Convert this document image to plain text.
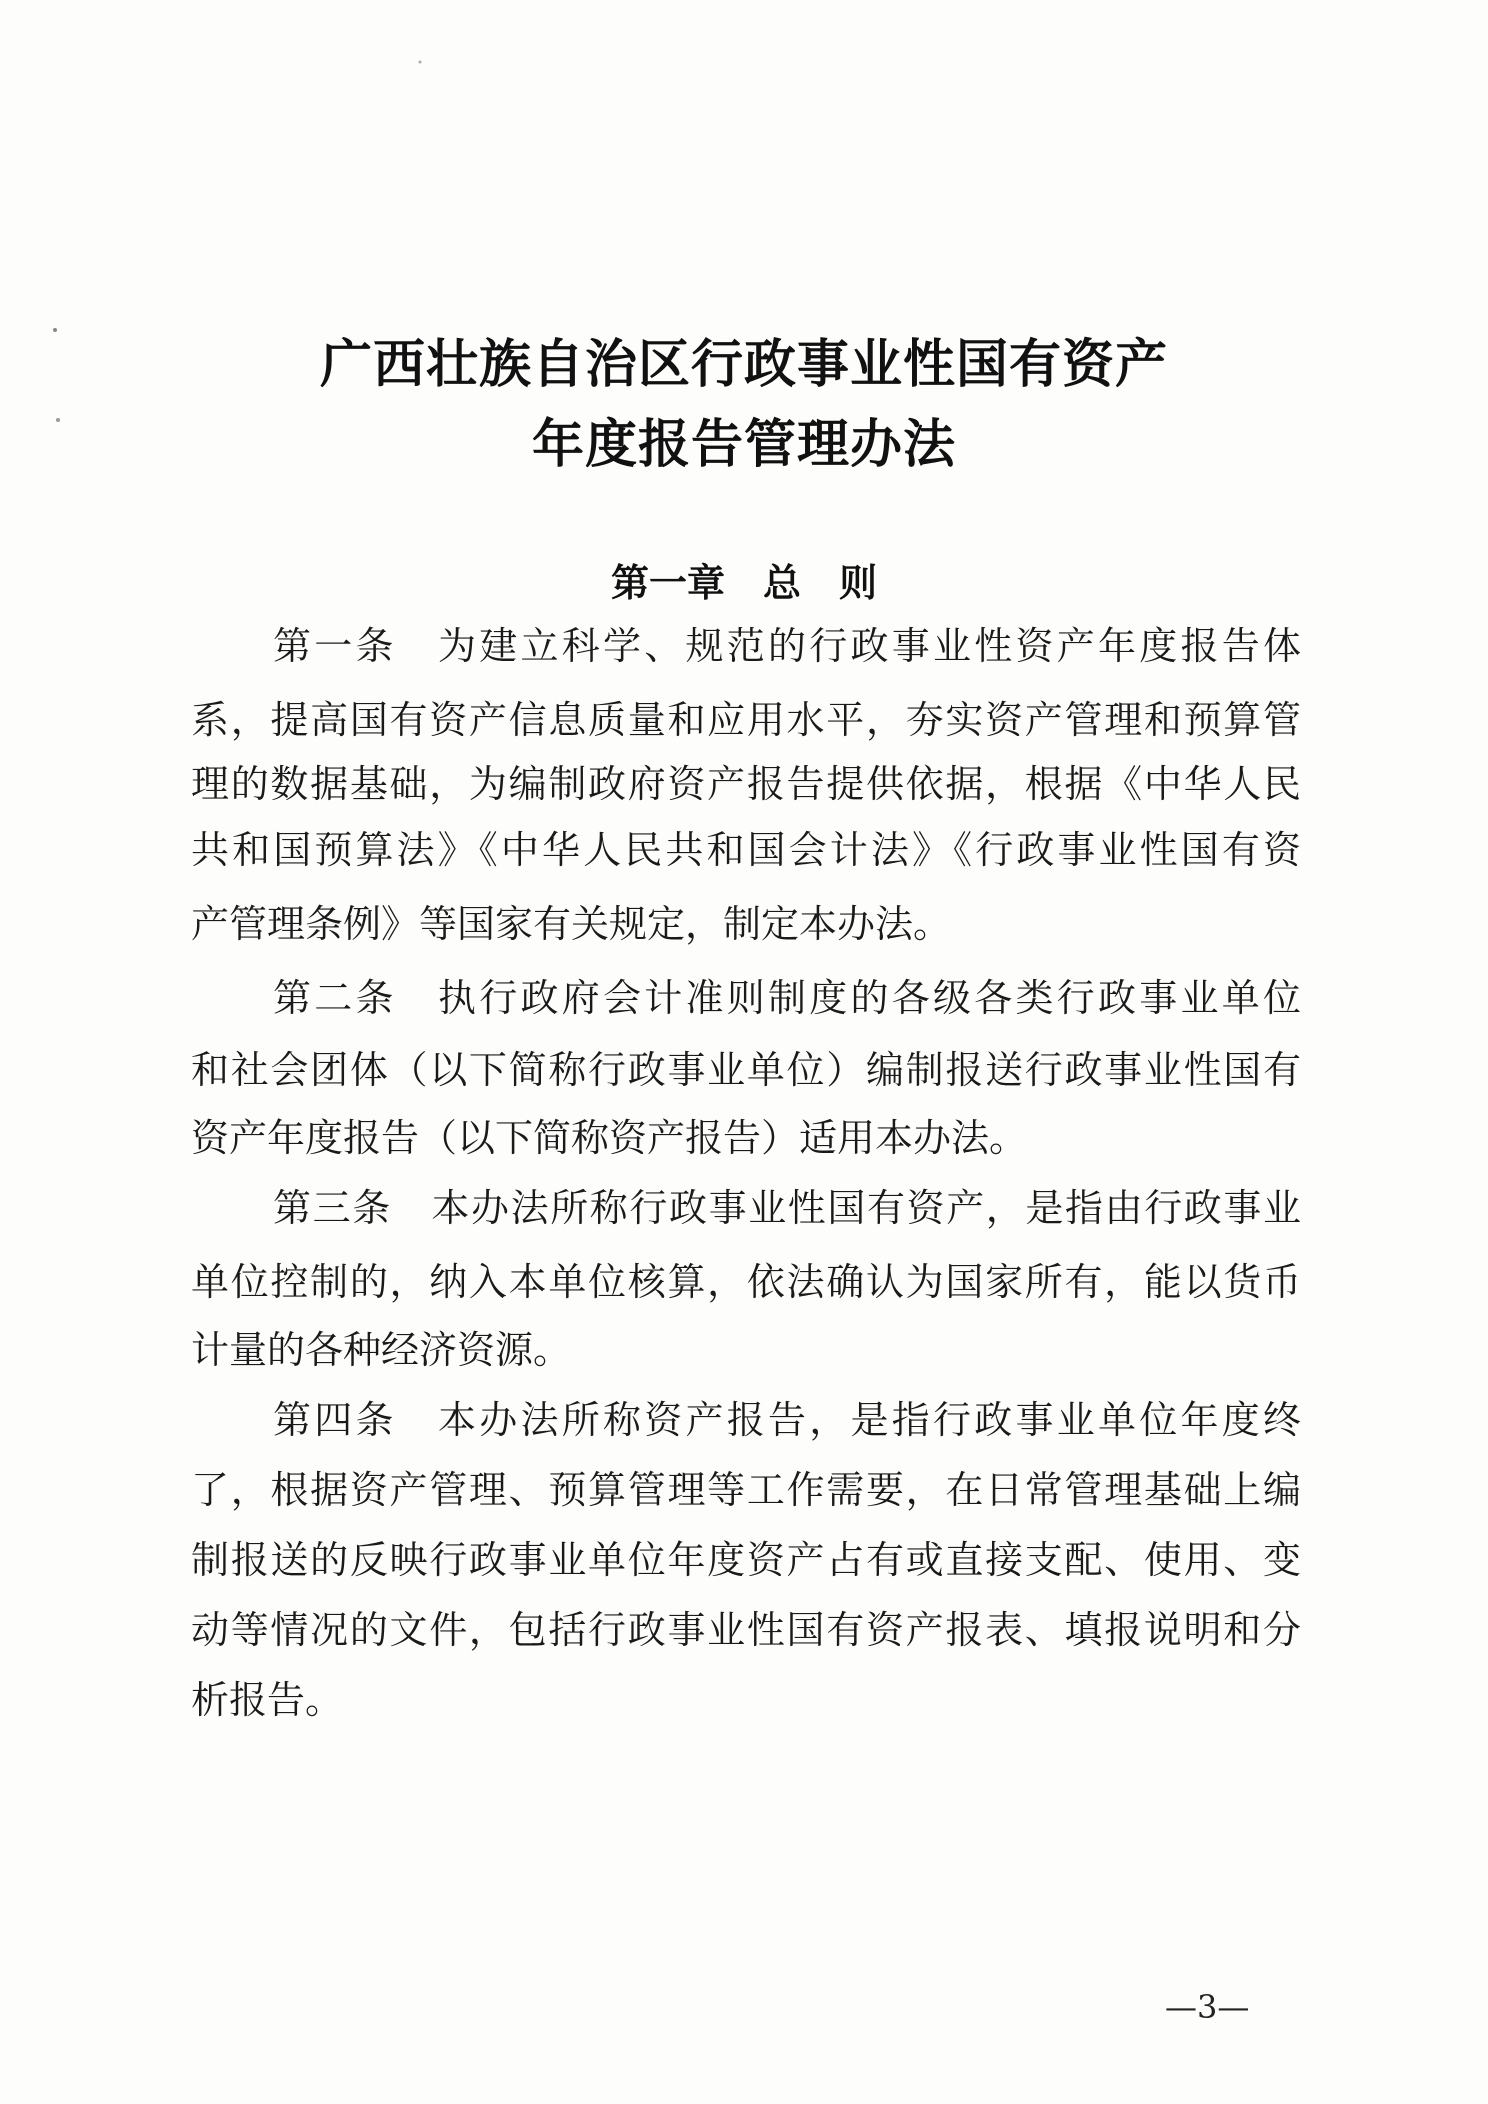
广西壮族自治区行政事业性国有资产
年度报告管理办法
第一章　总　则
第一条　为建立科学、规范的行政事业性资产年度报告体
系，提高国有资产信息质量和应用水平，夯实资产管理和预算管
理的数据基础，为编制政府资产报告提供依据，根据《中华人民
共和国预算法》《中华人民共和国会计法》《行政事业性国有资
产管理条例》等国家有关规定，制定本办法。
第二条　执行政府会计准则制度的各级各类行政事业单位
和社会团体（以下简称行政事业单位）编制报送行政事业性国有
资产年度报告（以下简称资产报告）适用本办法。
第三条　本办法所称行政事业性国有资产，是指由行政事业
单位控制的，纳入本单位核算，依法确认为国家所有，能以货币
计量的各种经济资源。
第四条　本办法所称资产报告，是指行政事业单位年度终
了，根据资产管理、预算管理等工作需要，在日常管理基础上编
制报送的反映行政事业单位年度资产占有或直接支配、使用、变
动等情况的文件，包括行政事业性国有资产报表、填报说明和分
析报告。
—3—
